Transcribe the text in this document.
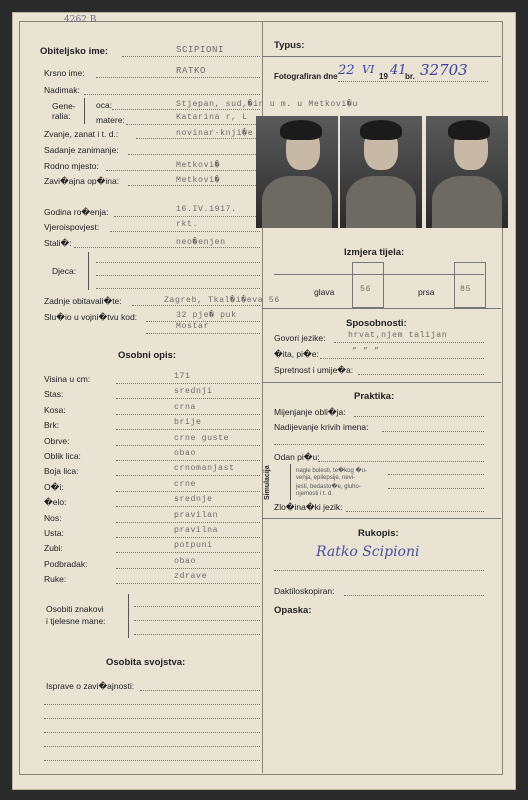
4262 B
Obiteljsko ime:	SCIPIONI
Krsno ime:	RATKO
Nadimak:
Gene-
ralia:
oca:	Stjepan, sud,�in u m. u Metkovi�u
matere:	Katarina r, L
Zvanje, zanat i t. d.:	novinar-knji�e
Sadanje zanimanje:
Rodno mjesto:	Metkovi�
Zavi�ajna op�ina:	Metkovi�
Godina ro�enja:	16.IV.1917.
Vjeroispovjest:	rkt.
Stali�:	neo�enjen
Djeca:
Zadnje obitavali�te:	Zagreb, Tkal�i�eva 56
Slu�io u vojni�tvu kod:	32 pje� puk
Mostar
Osobni opis:
Visina u cm:	171
Stas:	srednji
Kosa:	crna
Brk:	brije
Obrve:	crne guste
Oblik lica:	obao
Boja lica:	crnomanjast
O�i:	crne
�elo:	srednje
Nos:	pravilan
Usta:	pravilna
Zubi:	potpuni
Podbradak:	obao
Ruke:	zdrave
Osobiti znakovi
i tjelesne mane:
Osobita svojstva:
Isprave o zavi�ajnosti:
Typus:
Fotografiran dne 22 VI
19 41
br. 32703
Izmjera tijela:
glava	56	prsa	85
Sposobnosti:
Govori jezike:	hrvat,njem talijan
�ita, pi�e:	” ” ”
Spretnost i umije�a:
Praktika:
Mijenjanje obli�ja:
Nadijevanje krivih imena:
Odan pi�u:
Simulacija	nagle bolesti, te�kog �u-
venja, epilepsije, nevi-
jesti, bedasto�e, gluho-
njemosti i t. d.
Zlo�ina�ki jezik:
Rukopis:
Ratko Scipioni
Daktiloskopiran:
Opaska:
